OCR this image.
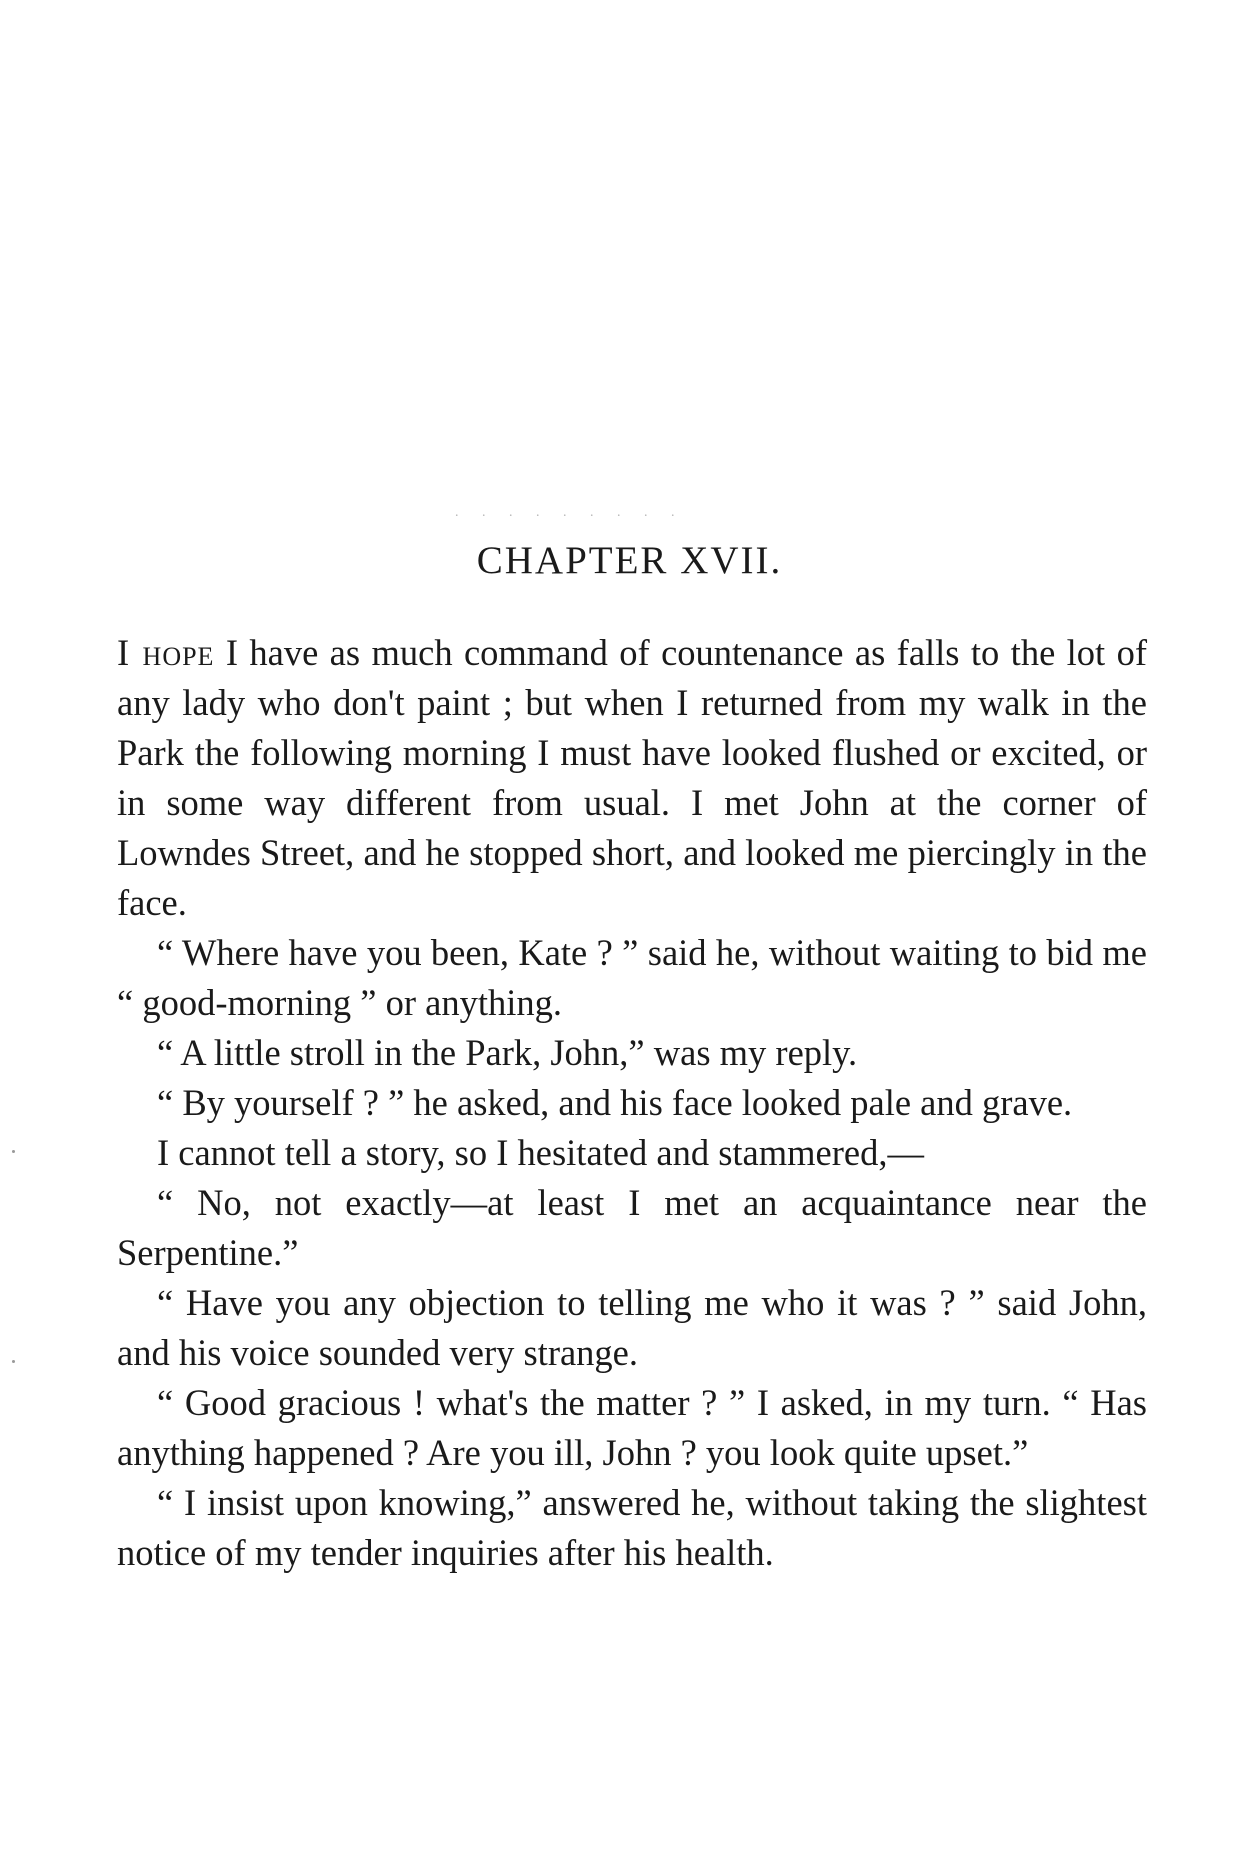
. . . . . . . . .
CHAPTER XVII.

I hope I have as much command of countenance as falls to the lot of any lady who don't paint ; but when I returned from my walk in the Park the following morning I must have looked flushed or excited, or in some way different from usual. I met John at the corner of Lowndes Street, and he stopped short, and looked me piercingly in the face.

“ Where have you been, Kate ? ” said he, without waiting to bid me “ good-morning ” or anything.

“ A little stroll in the Park, John,” was my reply.

“ By yourself ? ” he asked, and his face looked pale and grave.

I cannot tell a story, so I hesitated and stammered,—

“ No, not exactly—at least I met an acquaintance near the Serpentine.”

“ Have you any objection to telling me who it was ? ” said John, and his voice sounded very strange.

“ Good gracious ! what's the matter ? ” I asked, in my turn. “ Has anything happened ? Are you ill, John ? you look quite upset.”

“ I insist upon knowing,” answered he, without taking the slightest notice of my tender inquiries after his health.
